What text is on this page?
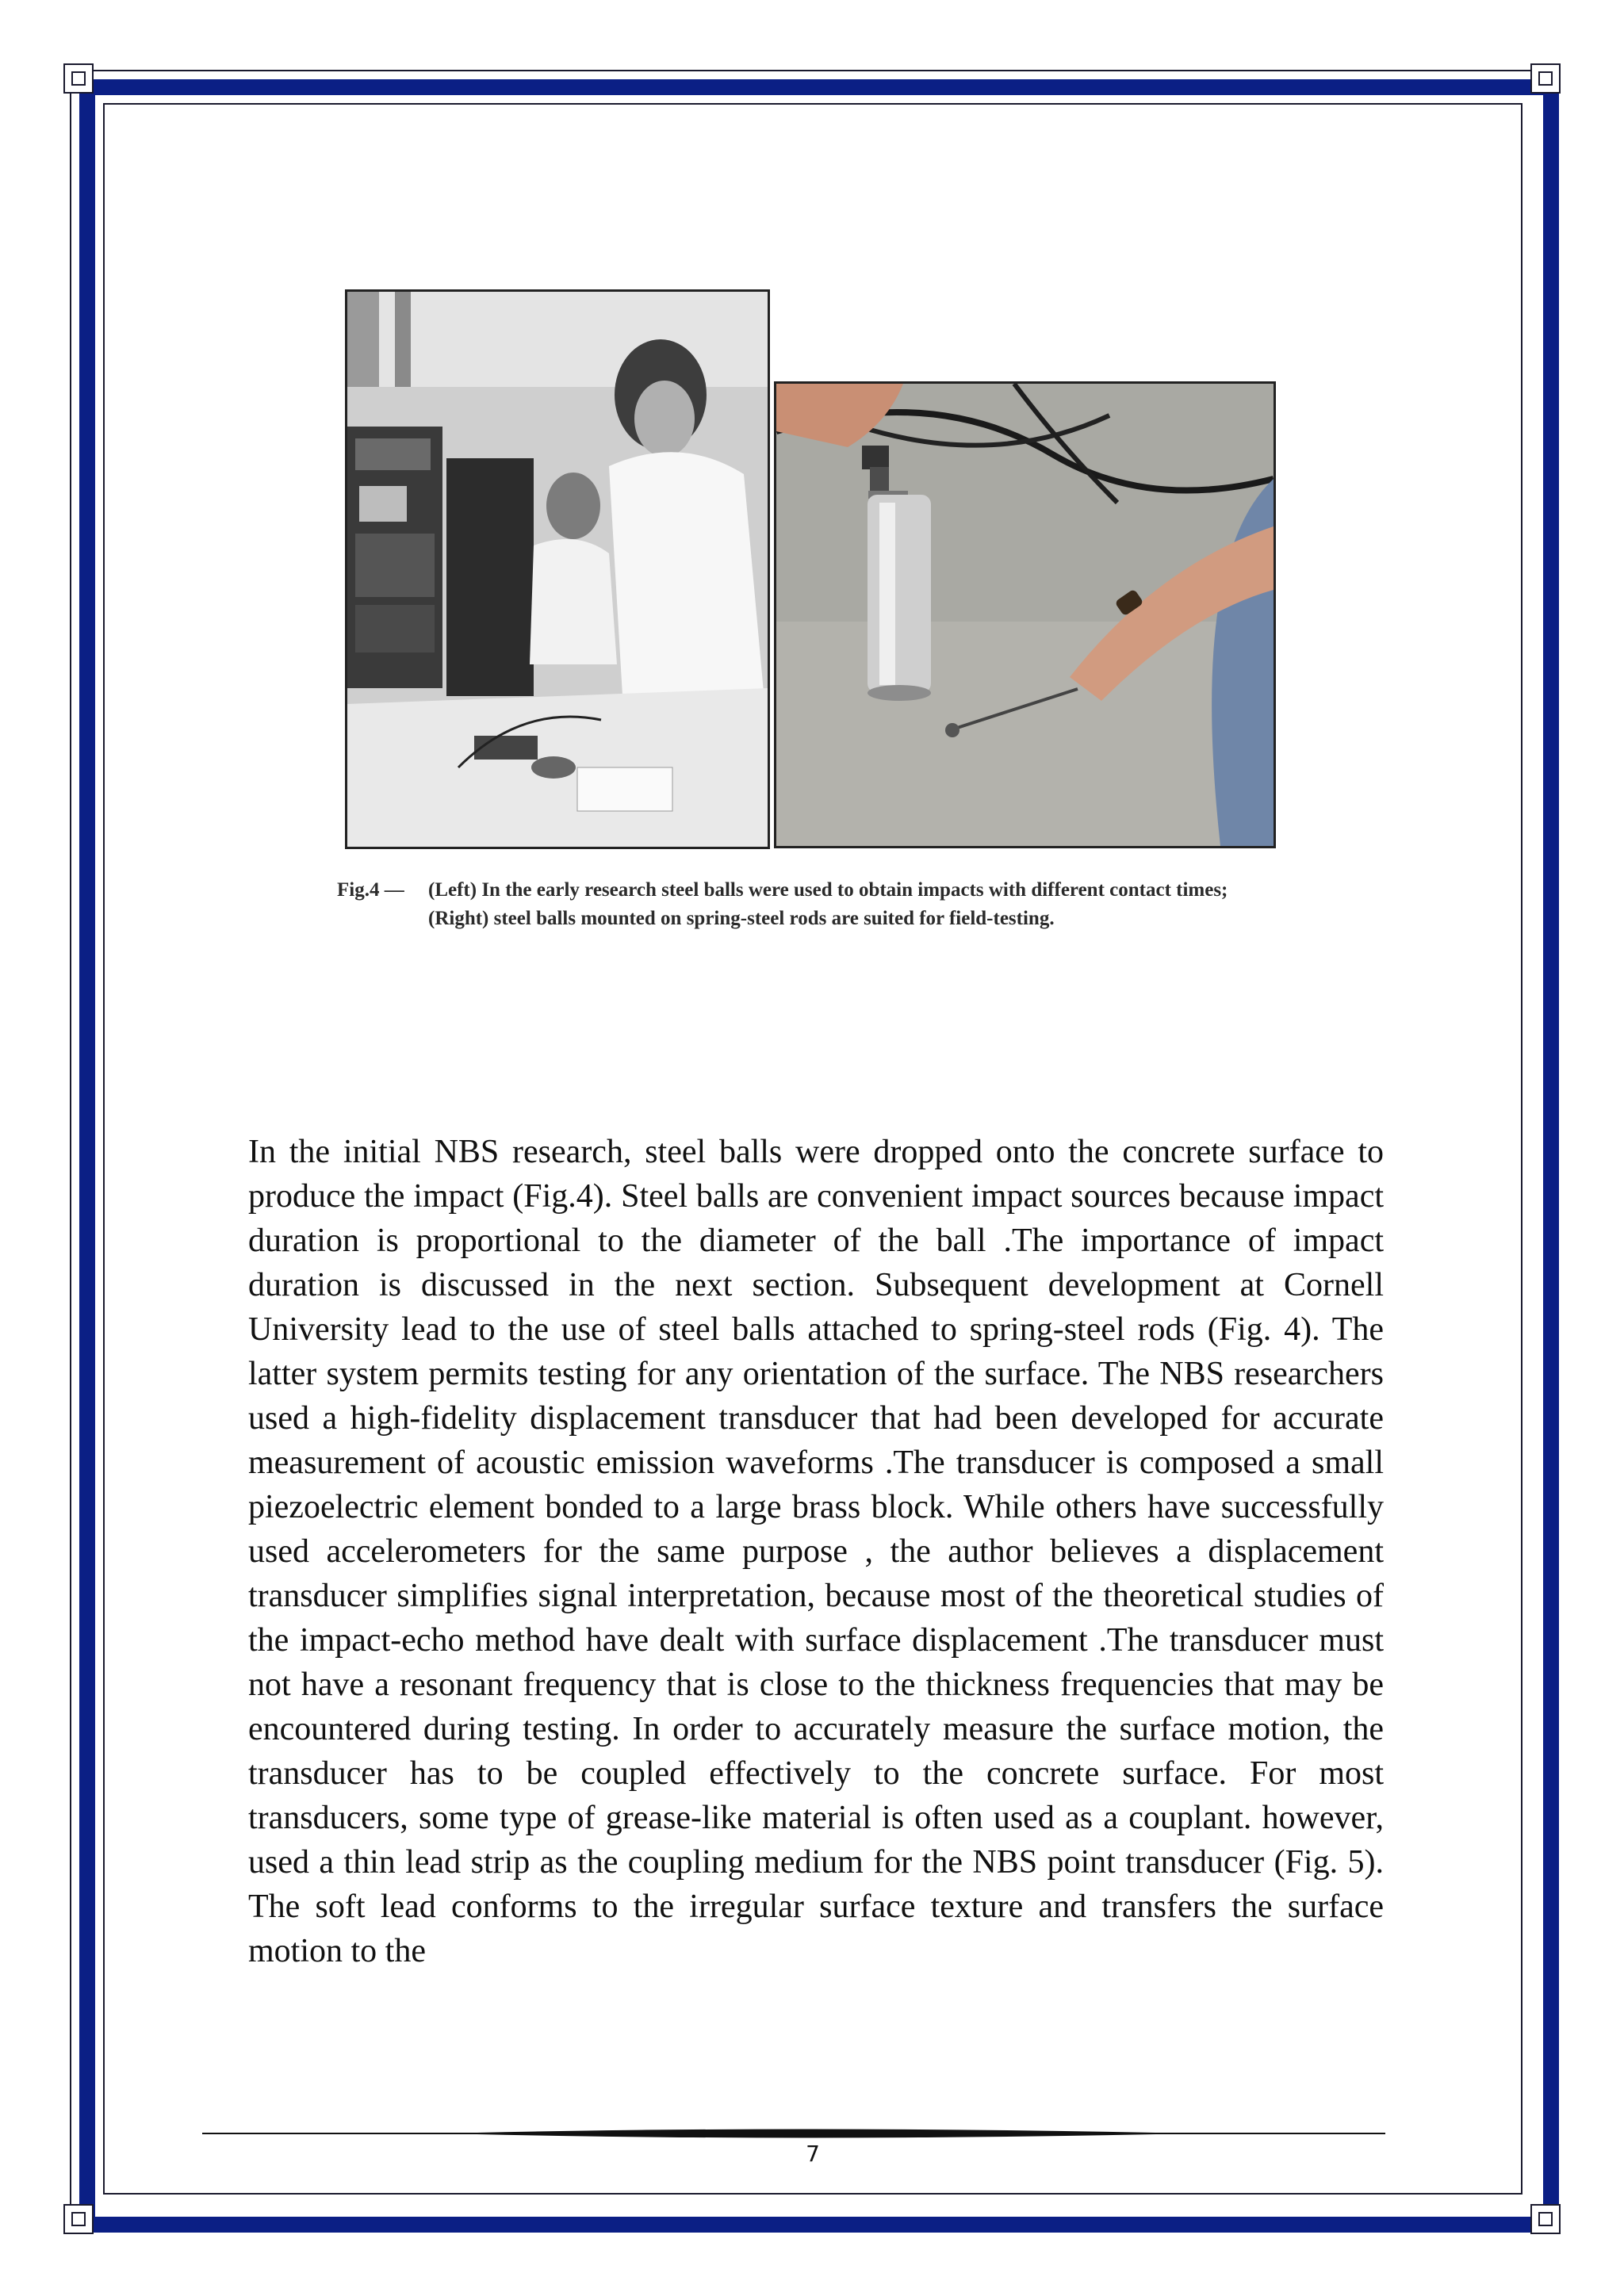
Fig.4 —	(Left) In the early research steel balls were used to obtain impacts with different contact times; (Right) steel balls mounted on spring-steel rods are suited for field-testing.

In the initial NBS research, steel balls were dropped onto the concrete surface to produce the impact (Fig.4). Steel balls are convenient impact sources because impact duration is proportional to the diameter of the ball .The importance of impact duration is discussed in the next section. Subsequent development at Cornell University lead to the use of steel balls attached to spring-steel rods (Fig. 4). The latter system permits testing for any orientation of the surface. The NBS researchers used a high-fidelity displacement transducer that had been developed for accurate measurement of acoustic emission waveforms .The transducer is composed a small piezoelectric element bonded to a large brass block. While others have successfully used accelerometers for the same purpose , the author believes a displacement transducer simplifies signal interpretation, because most of the theoretical studies of the impact-echo method have dealt with surface displacement .The transducer must not have a resonant frequency that is close to the thickness frequencies that may be encountered during testing. In order to accurately measure the surface motion, the transducer has to be coupled effectively to the concrete surface. For most transducers, some type of grease-like material is often used as a couplant. however, used a thin lead strip as the coupling medium for the NBS point transducer (Fig. 5). The soft lead conforms to the irregular surface texture and transfers the surface motion to the

7
